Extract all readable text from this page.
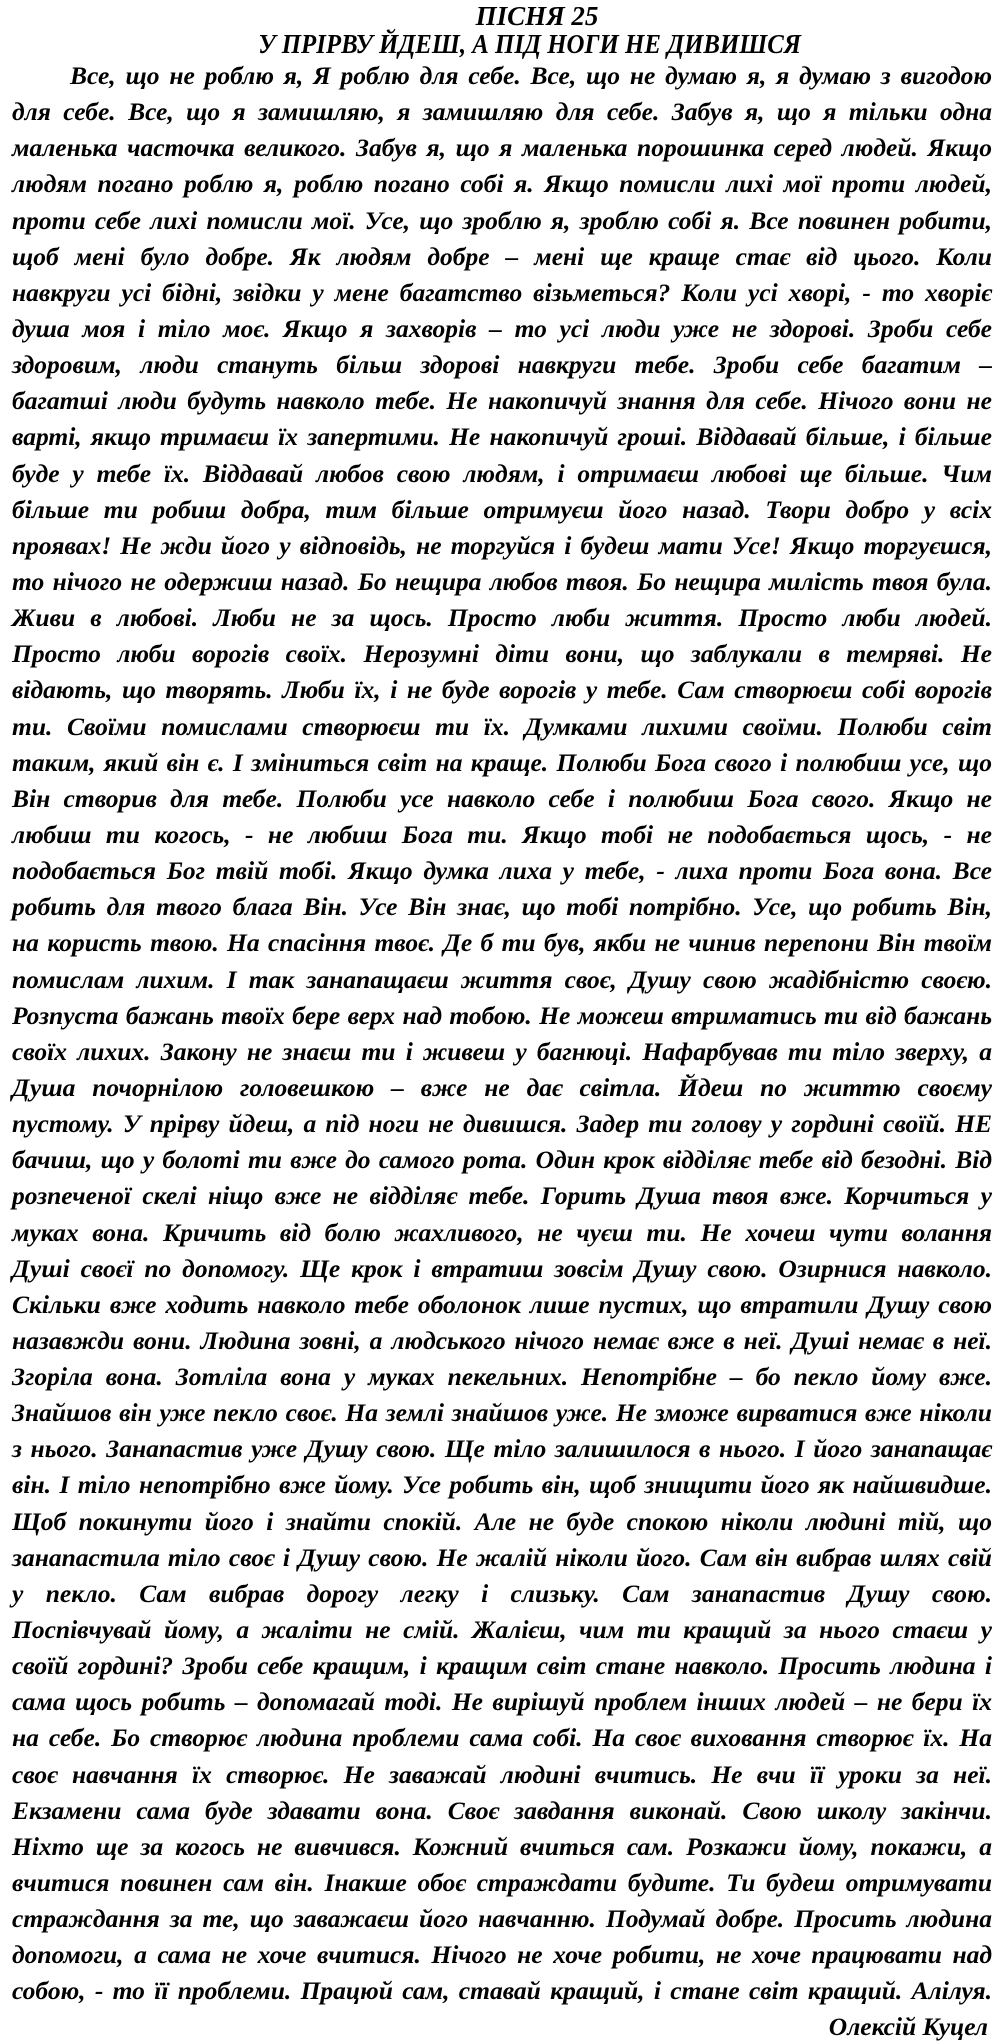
ПІСНЯ 25
У ПРІРВУ ЙДЕШ, А ПІД НОГИ НЕ ДИВИШСЯ
Все, що не роблю я, Я роблю для себе. Все, що не думаю я, я думаю з вигодою
для себе. Все, що я замишляю, я замишляю для себе. Забув я, що я тільки одна
маленька часточка великого. Забув я, що я маленька порошинка серед людей. Якщо
людям погано роблю я, роблю погано собі я. Якщо помисли лихі мої проти людей,
проти себе лихі помисли мої. Усе, що зроблю я, зроблю собі я. Все повинен робити,
щоб мені було добре. Як людям добре – мені ще краще стає від цього. Коли
навкруги усі бідні, звідки у мене багатство візьметься? Коли усі хворі, - то хворіє
душа моя і тіло моє. Якщо я захворів – то усі люди уже не здорові. Зроби себе
здоровим, люди стануть більш здорові навкруги тебе. Зроби себе багатим –
багатші люди будуть навколо тебе. Не накопичуй знання для себе. Нічого вони не
варті, якщо тримаєш їх запертими. Не накопичуй гроші. Віддавай більше, і більше
буде у тебе їх. Віддавай любов свою людям, і отримаєш любові ще більше. Чим
більше ти робиш добра, тим більше отримуєш його назад. Твори добро у всіх
проявах! Не жди його у відповідь, не торгуйся і будеш мати Усе! Якщо торгуєшся,
то нічого не одержиш назад. Бо нещира любов твоя. Бо нещира милість твоя була.
Живи в любові. Люби не за щось. Просто люби життя. Просто люби людей.
Просто люби ворогів своїх. Нерозумні діти вони, що заблукали в темряві. Не
відають, що творять. Люби їх, і не буде ворогів у тебе. Сам створюєш собі ворогів
ти. Своїми помислами створюєш ти їх. Думками лихими своїми. Полюби світ
таким, який він є. І зміниться світ на краще. Полюби Бога свого і полюбиш усе, що
Він створив для тебе. Полюби усе навколо себе і полюбиш Бога свого. Якщо не
любиш ти когось, - не любиш Бога ти. Якщо тобі не подобається щось, - не
подобається Бог твій тобі. Якщо думка лиха у тебе, - лиха проти Бога вона. Все
робить для твого блага Він. Усе Він знає, що тобі потрібно. Усе, що робить Він,
на користь твою. На спасіння твоє. Де б ти був, якби не чинив перепони Він твоїм
помислам лихим. І так занапащаєш життя своє, Душу свою жадібністю своєю.
Розпуста бажань твоїх бере верх над тобою. Не можеш втриматись ти від бажань
своїх лихих. Закону не знаєш ти і живеш у багнюці. Нафарбував ти тіло зверху, а
Душа почорнілою головешкою – вже не дає світла. Йдеш по життю своєму
пустому. У прірву йдеш, а під ноги не дивишся. Задер ти голову у гордині своїй. НЕ
бачиш, що у болоті ти вже до самого рота. Один крок відділяє тебе від безодні. Від
розпеченої скелі ніщо вже не відділяє тебе. Горить Душа твоя вже. Корчиться у
муках вона. Кричить від болю жахливого, не чуєш ти. Не хочеш чути волання
Душі своєї по допомогу. Ще крок і втратиш зовсім Душу свою. Озирнися навколо.
Скільки вже ходить навколо тебе оболонок лише пустих, що втратили Душу свою
назавжди вони. Людина зовні, а людського нічого немає вже в неї. Душі немає в неї.
Згоріла вона. Зотліла вона у муках пекельних. Непотрібне – бо пекло йому вже.
Знайшов він уже пекло своє. На землі знайшов уже. Не зможе вирватися вже ніколи
з нього. Занапастив уже Душу свою. Ще тіло залишилося в нього. І його занапащає
він. І тіло непотрібно вже йому. Усе робить він, щоб знищити його як найшвидше.
Щоб покинути його і знайти спокій. Але не буде спокою ніколи людині тій, що
занапастила тіло своє і Душу свою. Не жалій ніколи його. Сам він вибрав шлях свій
у пекло. Сам вибрав дорогу легку і слизьку. Сам занапастив Душу свою.
Поспівчувай йому, а жаліти не смій. Жалієш, чим ти кращий за нього стаєш у
своїй гордині? Зроби себе кращим, і кращим світ стане навколо. Просить людина і
сама щось робить – допомагай тоді. Не вирішуй проблем інших людей – не бери їх
на себе. Бо створює людина проблеми сама собі. На своє виховання створює їх. На
своє навчання їх створює. Не заважай людині вчитись. Не вчи її уроки за неї.
Екзамени сама буде здавати вона. Своє завдання виконай. Свою школу закінчи.
Ніхто ще за когось не вивчився. Кожний вчиться сам. Розкажи йому, покажи, а
вчитися повинен сам він. Інакше обоє страждати будите. Ти будеш отримувати
страждання за те, що заважаєш його навчанню. Подумай добре. Просить людина
допомоги, а сама не хоче вчитися. Нічого не хоче робити, не хоче працювати над
собою, - то її проблеми. Працюй сам, ставай кращий, і стане світ кращий. Алілуя.
Олексій Куцел
